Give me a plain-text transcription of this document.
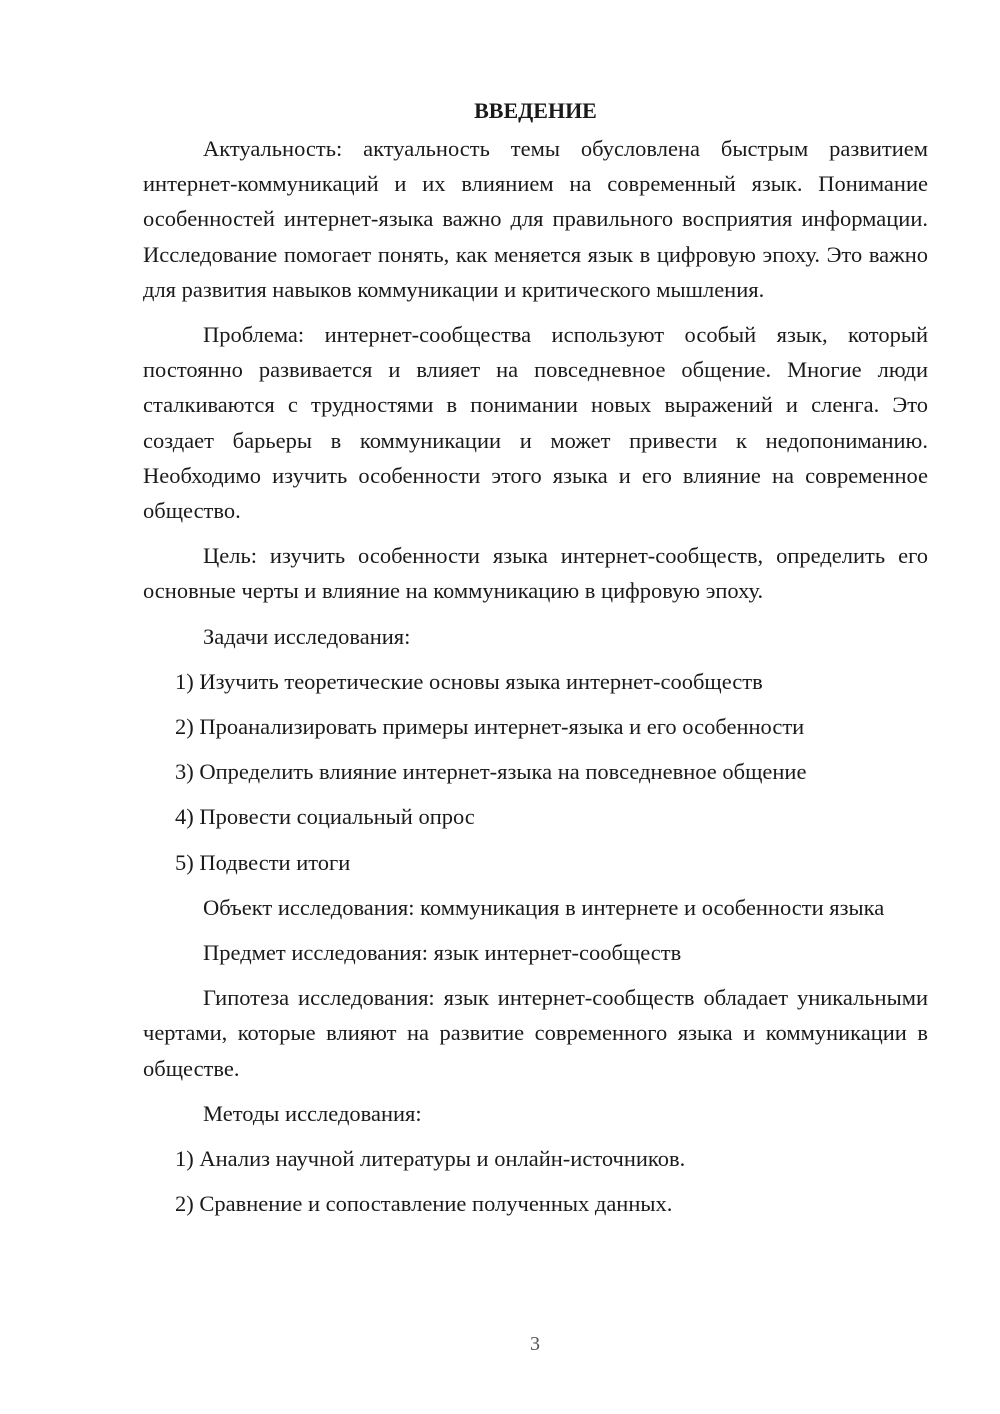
ВВЕДЕНИЕ

Актуальность: актуальность темы обусловлена быстрым развитием интернет-коммуникаций и их влиянием на современный язык. Понимание особенностей интернет-языка важно для правильного восприятия информации. Исследование помогает понять, как меняется язык в цифровую эпоху. Это важно для развития навыков коммуникации и критического мышления.

Проблема: интернет-сообщества используют особый язык, который постоянно развивается и влияет на повседневное общение. Многие люди сталкиваются с трудностями в понимании новых выражений и сленга. Это создает барьеры в коммуникации и может привести к недопониманию. Необходимо изучить особенности этого языка и его влияние на современное общество.

Цель: изучить особенности языка интернет-сообществ, определить его основные черты и влияние на коммуникацию в цифровую эпоху.

Задачи исследования:

1) Изучить теоретические основы языка интернет-сообществ
2) Проанализировать примеры интернет-языка и его особенности
3) Определить влияние интернет-языка на повседневное общение
4) Провести социальный опрос
5) Подвести итоги

Объект исследования: коммуникация в интернете и особенности языка

Предмет исследования: язык интернет-сообществ

Гипотеза исследования: язык интернет-сообществ обладает уникальными чертами, которые влияют на развитие современного языка и коммуникации в обществе.

Методы исследования:

1) Анализ научной литературы и онлайн-источников.
2) Сравнение и сопоставление полученных данных.
3
